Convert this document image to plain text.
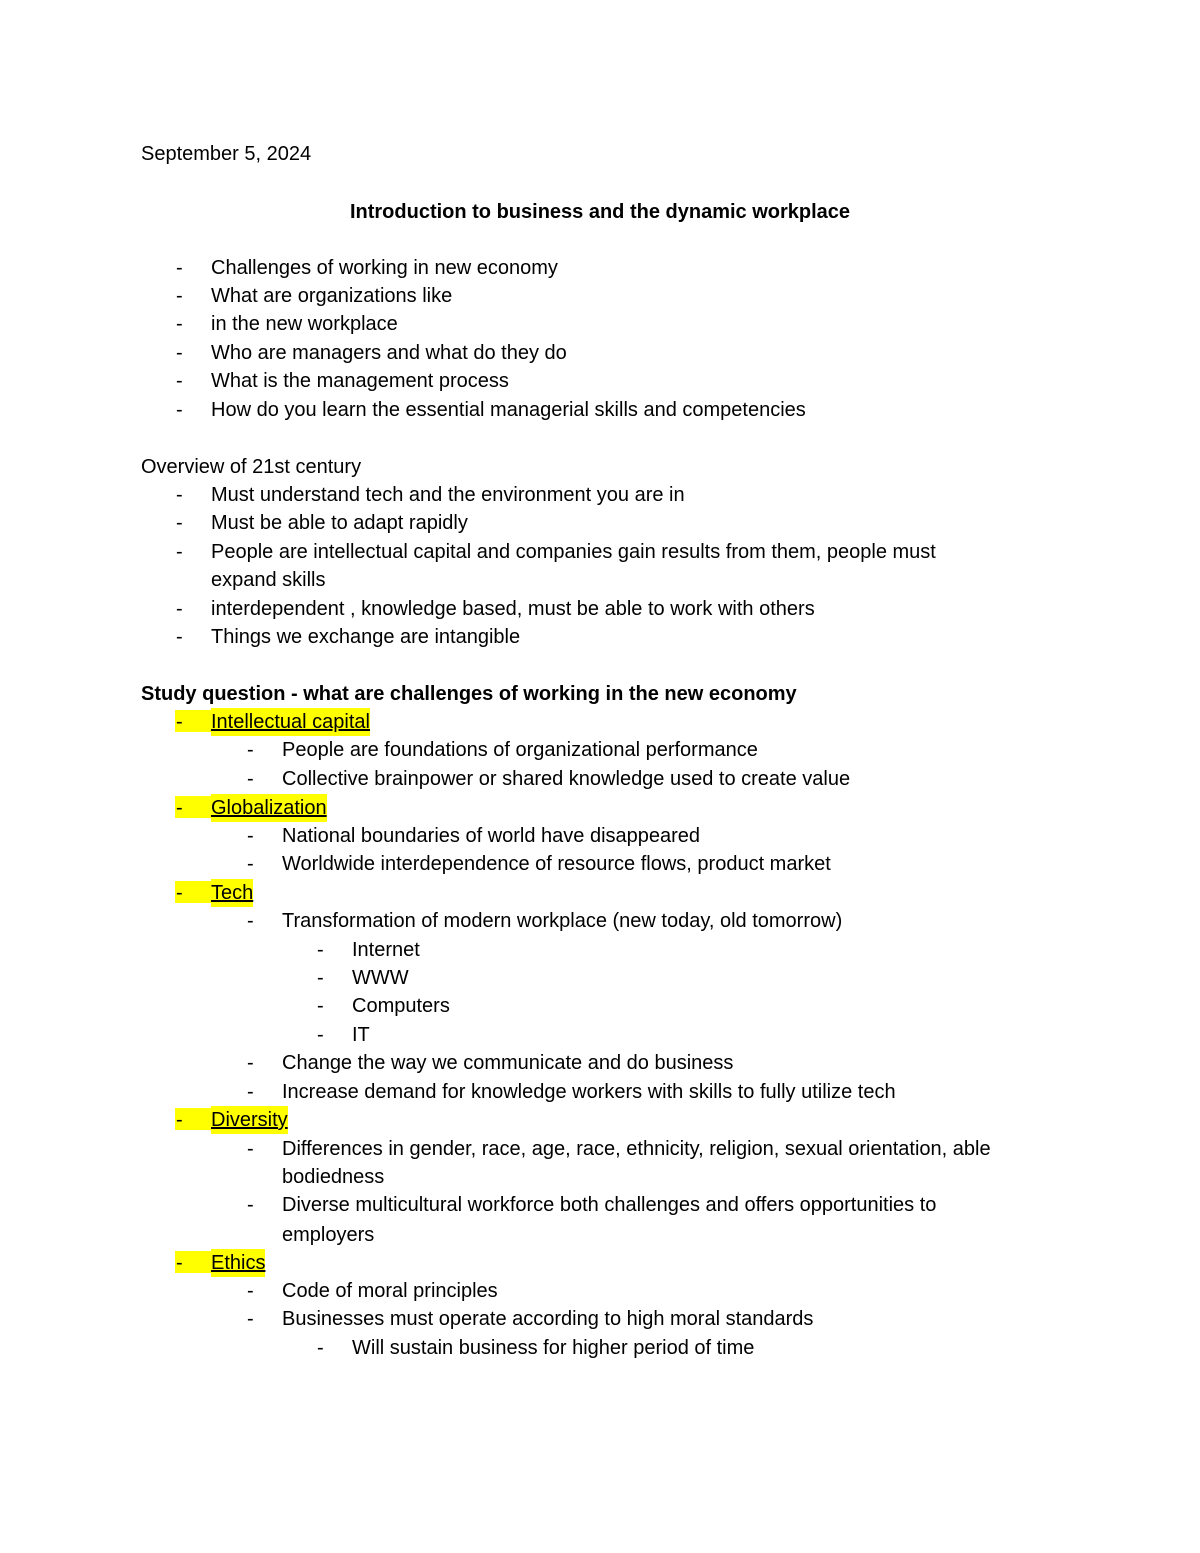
September 5, 2024
Introduction to business and the dynamic workplace
-	Challenges of working in new economy
-	What are organizations like
-	in the new workplace
-	Who are managers and what do they do
-	What is the management process
-	How do you learn the essential managerial skills and competencies
Overview of 21st century
-	Must understand tech and the environment you are in
-	Must be able to adapt rapidly
-	People are intellectual capital and companies gain results from them, people must
expand skills
-	interdependent , knowledge based, must be able to work with others
-	Things we exchange are intangible
Study question - what are challenges of working in the new economy
-	Intellectual capital
-	People are foundations of organizational performance
-	Collective brainpower or shared knowledge used to create value
-	Globalization
-	National boundaries of world have disappeared
-	Worldwide interdependence of resource flows, product market
-	Tech
-	Transformation of modern workplace (new today, old tomorrow)
-	Internet
-	WWW
-	Computers
-	IT
-	Change the way we communicate and do business
-	Increase demand for knowledge workers with skills to fully utilize tech
-	Diversity
-	Differences in gender, race, age, race, ethnicity, religion, sexual orientation, able
bodiedness
-	Diverse multicultural workforce both challenges and offers opportunities to
employers
-	Ethics
-	Code of moral principles
-	Businesses must operate according to high moral standards
-	Will sustain business for higher period of time
